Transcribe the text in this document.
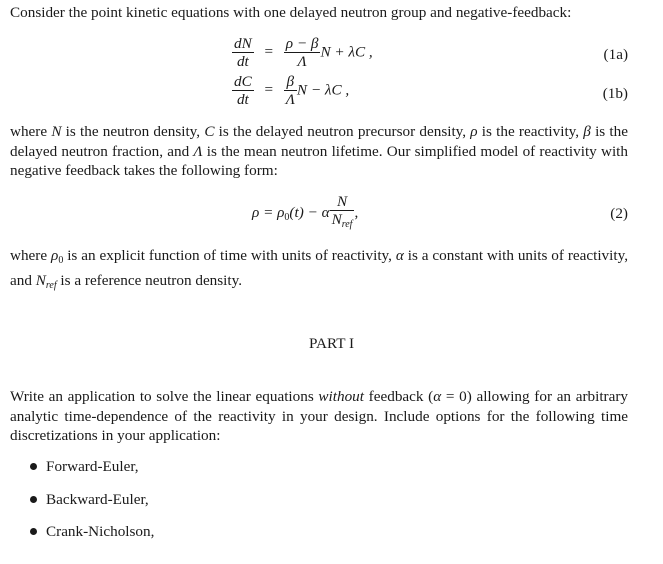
Consider the point kinetic equations with one delayed neutron group and negative-feedback:
$\frac{dN}{dt} = \frac{\rho - \beta}{\Lambda}$ N + λC ,	(1a)
$\frac{dC}{dt} = \frac{\beta}{\Lambda}$ N − λC ,	(1b)
where N is the neutron density, C is the delayed neutron precursor density, ρ is the reactivity, β is the delayed neutron fraction, and Λ is the mean neutron lifetime. Our simplified model of reactivity with negative feedback takes the following form:
$\rho = \rho_0(t) - \alpha \frac{N}{N_{ref}}$ ,	(2)
where $\rho_0$ is an explicit function of time with units of reactivity, α is a constant with units of reactivity, and $N_{ref}$ is a reference neutron density.
PART I
Write an application to solve the linear equations without feedback (α = 0) allowing for an arbitrary analytic time-dependence of the reactivity in your design. Include options for the following time discretizations in your application:
Forward-Euler,
Backward-Euler,
Crank-Nicholson,
